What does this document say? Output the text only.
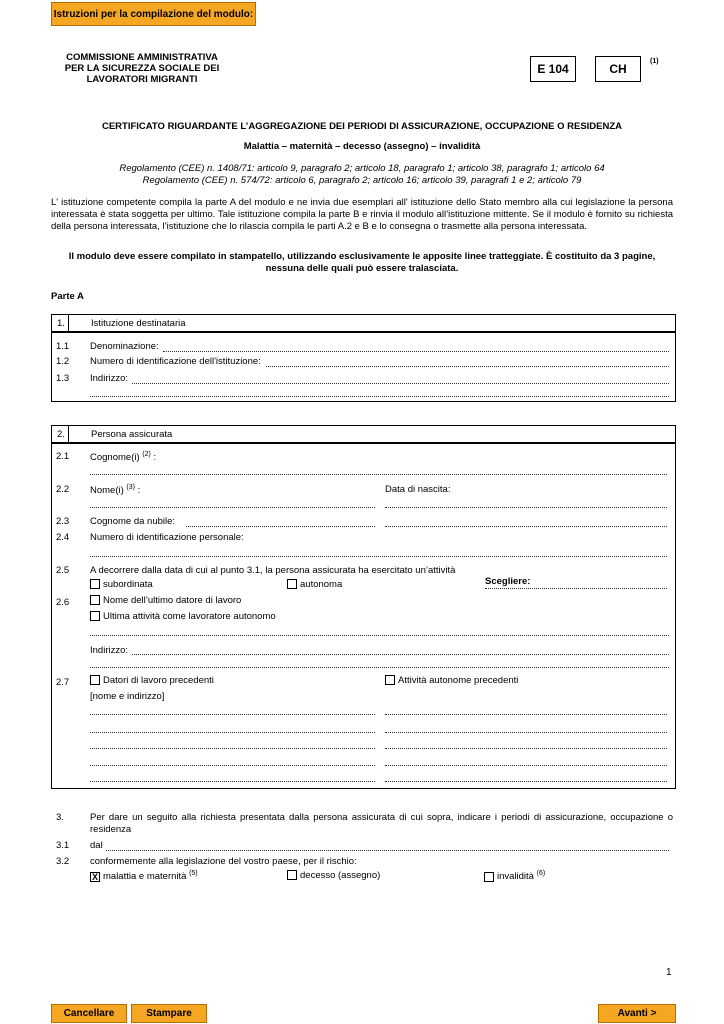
Istruzioni per la compilazione del modulo:
COMMISSIONE AMMINISTRATIVA
PER LA SICUREZZA SOCIALE DEI
LAVORATORI MIGRANTI
E 104	CH
(1)
CERTIFICATO RIGUARDANTE L’AGGREGAZIONE DEI PERIODI DI ASSICURAZIONE, OCCUPAZIONE O RESIDENZA
Malattia – maternità – decesso (assegno) – invalidità
Regolamento (CEE) n. 1408/71: articolo 9, paragrafo 2; articolo 18, paragrafo 1; articolo 38, paragrafo 1; articolo 64
Regolamento (CEE) n. 574/72: articolo 6, paragrafo 2; articolo 16; articolo 39, paragrafi 1 e 2; articolo 79
L' istituzione competente compila la parte A del modulo e ne invia due esemplari all' istituzione dello Stato membro alla cui legislazione la persona interessata è stata soggetta per ultimo. Tale istituzione compila la parte B e rinvia il modulo all’istituzione mittente. Se il modulo è fornito su richiesta della persona interessata, l’istituzione che lo rilascia compila le parti A.2 e B e lo consegna o trasmette alla persona interessata.
Il modulo deve essere compilato in stampatello, utilizzando esclusivamente le apposite linee tratteggiate. È costituito da 3 pagine, nessuna delle quali può essere tralasciata.
Parte A
1.	Istituzione destinataria
1.1 Denominazione:
1.2 Numero di identificazione dell'istituzione:
1.3 Indirizzo:
2.	Persona assicurata
2.1 Cognome(i) $^{(2)}$ :
2.2 Nome(i) $^{(3)}$ :	Data di nascita:
2.3 Cognome da nubile:
2.4 Numero di identificazione personale:
2.5 A decorrere dalla data di cui al punto 3.1, la persona assicurata ha esercitato un’attività
subordinata	autonoma	Scegliere:
2.6	Nome dell’ultimo datore di lavoro
Ultima attività come lavoratore autonomo
Indirizzo:
2.7	Datori di lavoro precedenti	Attività autonome precedenti
[nome e indirizzo]
3.	Per dare un seguito alla richiesta presentata dalla persona assicurata di cui sopra, indicare i periodi di assicurazione, occupazione o residenza
3.1 dal
3.2 conformemente alla legislazione del vostro paese, per il rischio:
X malattia e maternità $^{(5)}$	decesso (assegno)	invalidità $^{(6)}$
1
Cancellare	Stampare	Avanti >
